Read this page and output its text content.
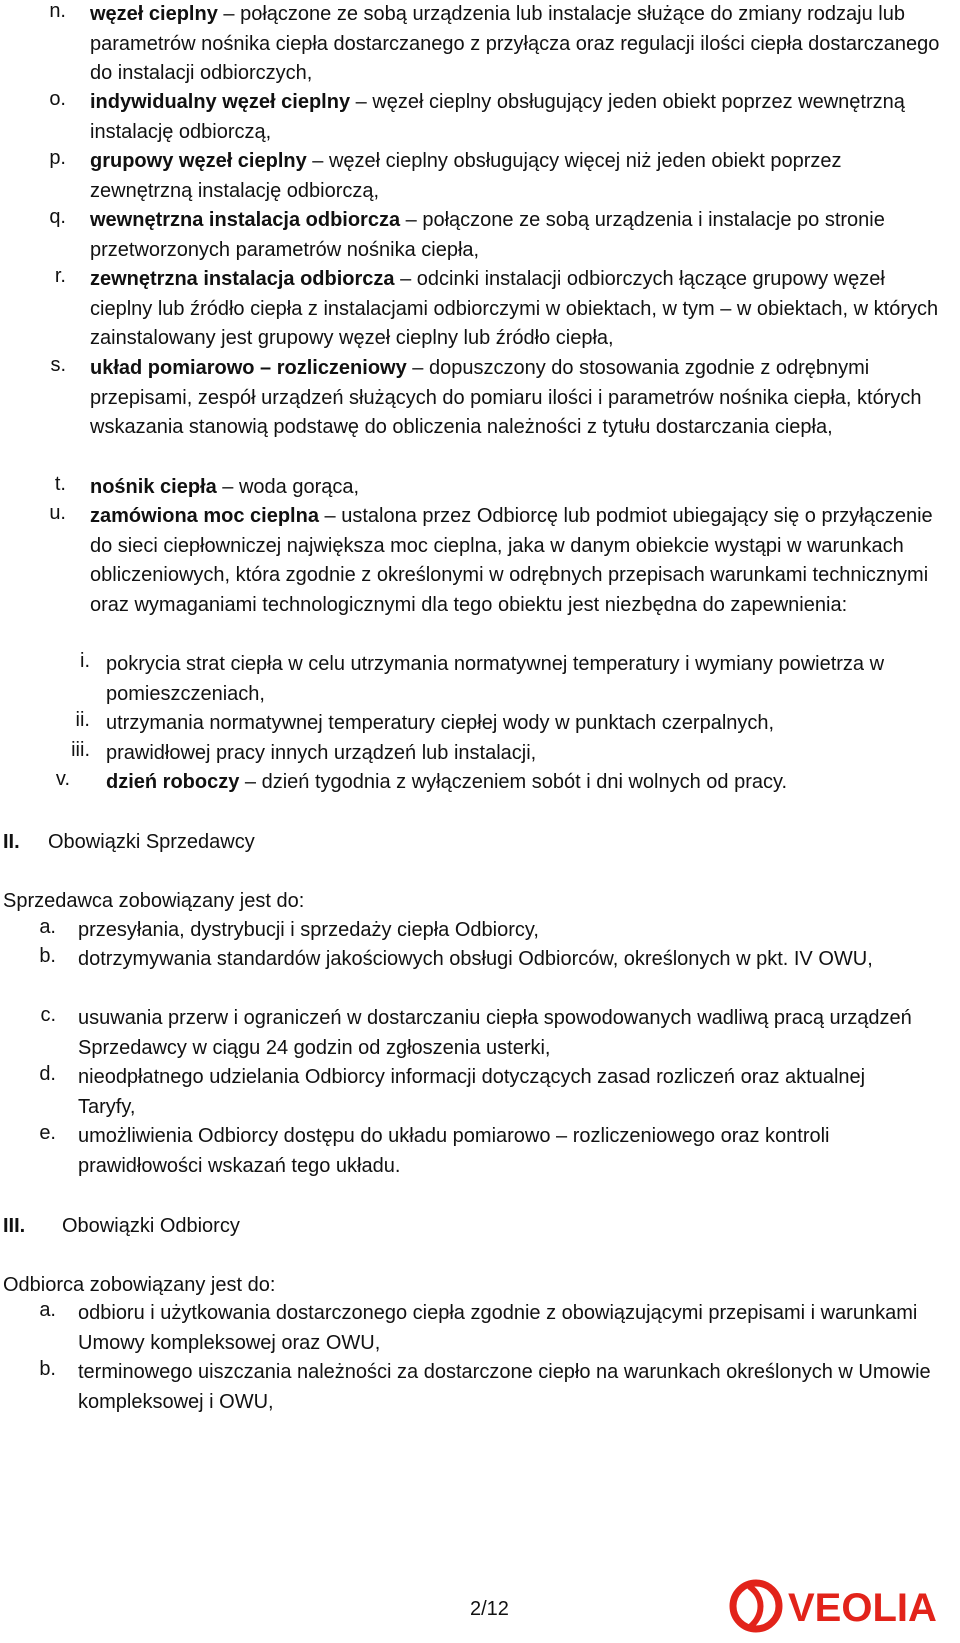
n. węzeł cieplny – połączone ze sobą urządzenia lub instalacje służące do zmiany rodzaju lub parametrów nośnika ciepła dostarczanego z przyłącza oraz regulacji ilości ciepła dostarczanego do instalacji odbiorczych,
o. indywidualny węzeł cieplny – węzeł cieplny obsługujący jeden obiekt poprzez wewnętrzną instalację odbiorczą,
p. grupowy węzeł cieplny – węzeł cieplny obsługujący więcej niż jeden obiekt poprzez zewnętrzną instalację odbiorczą,
q. wewnętrzna instalacja odbiorcza – połączone ze sobą urządzenia i instalacje po stronie przetworzonych parametrów nośnika ciepła,
r. zewnętrzna instalacja odbiorcza – odcinki instalacji odbiorczych łączące grupowy węzeł cieplny lub źródło ciepła z instalacjami odbiorczymi w obiektach, w tym – w obiektach, w których zainstalowany jest grupowy węzeł cieplny lub źródło ciepła,
s. układ pomiarowo – rozliczeniowy – dopuszczony do stosowania zgodnie z odrębnymi przepisami, zespół urządzeń służących do pomiaru ilości i parametrów nośnika ciepła, których wskazania stanowią podstawę do obliczenia należności z tytułu dostarczania ciepła,
t. nośnik ciepła – woda gorąca,
u. zamówiona moc cieplna – ustalona przez Odbiorcę lub podmiot ubiegający się o przyłączenie do sieci ciepłowniczej największa moc cieplna, jaka w danym obiekcie wystąpi w warunkach obliczeniowych, która zgodnie z określonymi w odrębnych przepisach warunkami technicznymi oraz wymaganiami technologicznymi dla tego obiektu jest niezbędna do zapewnienia:
i. pokrycia strat ciepła w celu utrzymania normatywnej temperatury i wymiany powietrza w pomieszczeniach,
ii. utrzymania normatywnej temperatury ciepłej wody w punktach czerpalnych,
iii. prawidłowej pracy innych urządzeń lub instalacji,
v. dzień roboczy – dzień tygodnia z wyłączeniem sobót i dni wolnych od pracy.
II. Obowiązki Sprzedawcy
Sprzedawca zobowiązany jest do:
a. przesyłania, dystrybucji i sprzedaży ciepła Odbiorcy,
b. dotrzymywania standardów jakościowych obsługi Odbiorców, określonych w pkt. IV OWU,
c. usuwania przerw i ograniczeń w dostarczaniu ciepła spowodowanych wadliwą pracą urządzeń Sprzedawcy w ciągu 24 godzin od zgłoszenia usterki,
d. nieodpłatnego udzielania Odbiorcy informacji dotyczących zasad rozliczeń oraz aktualnej Taryfy,
e. umożliwienia Odbiorcy dostępu do układu pomiarowo – rozliczeniowego oraz kontroli prawidłowości wskazań tego układu.
III. Obowiązki Odbiorcy
Odbiorca zobowiązany jest do:
a. odbioru i użytkowania dostarczonego ciepła zgodnie z obowiązującymi przepisami i warunkami Umowy kompleksowej oraz OWU,
b. terminowego uiszczania należności za dostarczone ciepło na warunkach określonych w Umowie kompleksowej i OWU,
2/12	VEOLIA
